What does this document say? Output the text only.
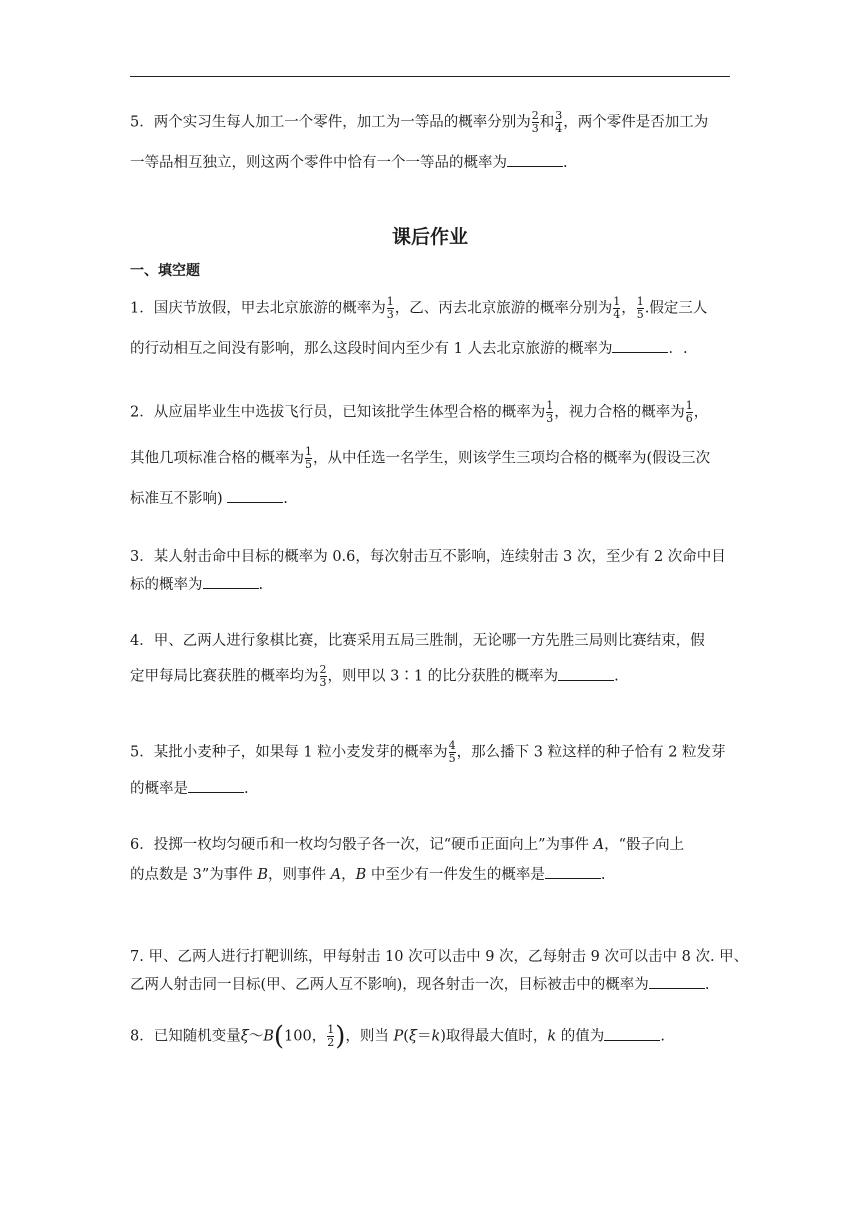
5．两个实习生每人加工一个零件，加工为一等品的概率分别为 $\frac{2}{3}$ 和 $\frac{3}{4}$ ，两个零件是否加工为
一等品相互独立，则这两个零件中恰有一个一等品的概率为	.
课后作业
一、填空题
1．国庆节放假，甲去北京旅游的概率为 $\frac{1}{3}$ ，乙、丙去北京旅游的概率分别为 $\frac{1}{4}$ ， $\frac{1}{5}$ .假定三人
的行动相互之间没有影响，那么这段时间内至少有 1 人去北京旅游的概率为	．.
2．从应届毕业生中选拔飞行员，已知该批学生体型合格的概率为 $\frac{1}{3}$ ，视力合格的概率为 $\frac{1}{6}$ ，
其他几项标准合格的概率为 $\frac{1}{5}$ ，从中任选一名学生，则该学生三项均合格的概率为(假设三次
标准互不影响)	.
3．某人射击命中目标的概率为 0.6，每次射击互不影响，连续射击 3 次，至少有 2 次命中目
标的概率为	.
4．甲、乙两人进行象棋比赛，比赛采用五局三胜制，无论哪一方先胜三局则比赛结束，假
定甲每局比赛获胜的概率均为 $\frac{2}{3}$ ，则甲以 3∶1 的比分获胜的概率为	.
5．某批小麦种子，如果每 1 粒小麦发芽的概率为 $\frac{4}{5}$ ，那么播下 3 粒这样的种子恰有 2 粒发芽
的概率是	.
6．投掷一枚均匀硬币和一枚均匀骰子各一次，记“硬币正面向上”为事件 A，“骰子向上
的点数是 3”为事件 B，则事件 A，B 中至少有一件发生的概率是	.
7. 甲、乙两人进行打靶训练，甲每射击 10 次可以击中 9 次，乙每射击 9 次可以击中 8 次. 甲、
乙两人射击同一目标(甲、乙两人互不影响)，现各射击一次，目标被击中的概率为	.
8．已知随机变量ξ～B(100， $\frac{1}{2}$ )，则当 P(ξ＝k)取得最大值时，k 的值为	.
